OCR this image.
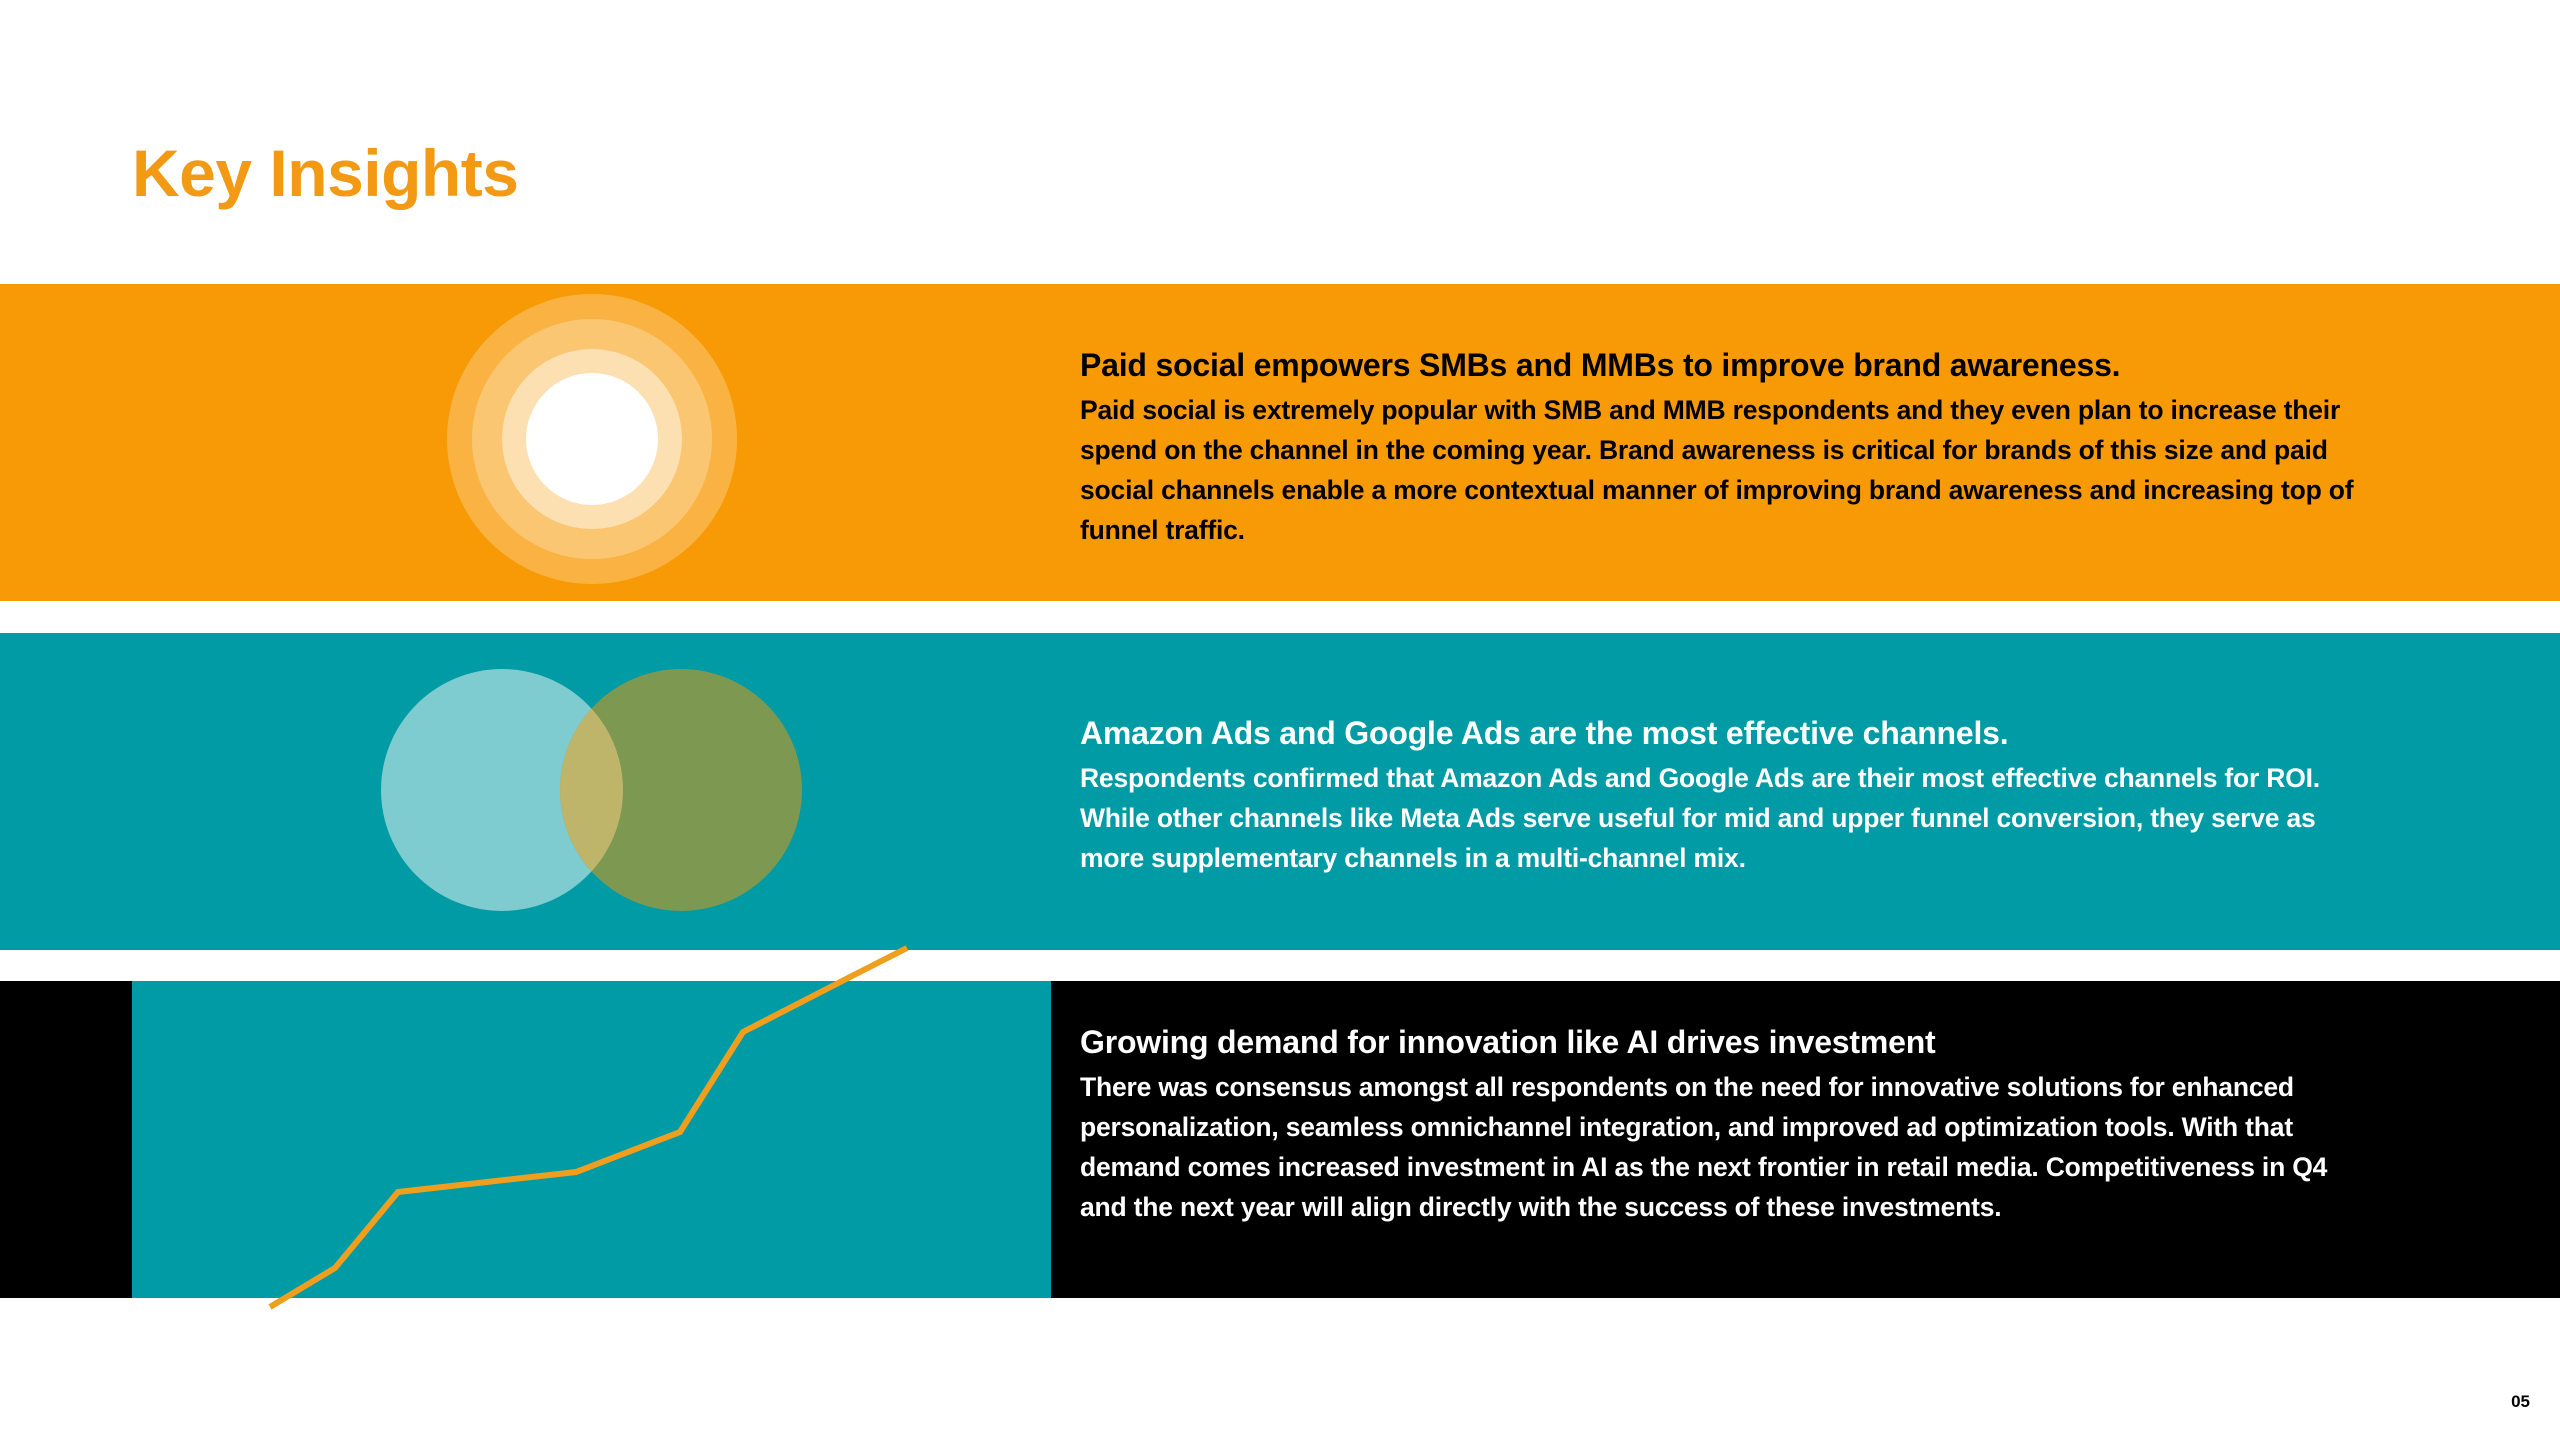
Key Insights
Paid social empowers SMBs and MMBs to improve brand awareness.

Paid social is extremely popular with SMB and MMB respondents and they even plan to increase their spend on the channel in the coming year. Brand awareness is critical for brands of this size and paid social channels enable a more contextual manner of improving brand awareness and increasing top of funnel traffic.

Amazon Ads and Google Ads are the most effective channels.

Respondents confirmed that Amazon Ads and Google Ads are their most effective channels for ROI. While other channels like Meta Ads serve useful for mid and upper funnel conversion, they serve as more supplementary channels in a multi-channel mix.

Growing demand for innovation like AI drives investment

There was consensus amongst all respondents on the need for innovative solutions for enhanced personalization, seamless omnichannel integration, and improved ad optimization tools. With that demand comes increased investment in AI as the next frontier in retail media. Competitiveness in Q4 and the next year will align directly with the success of these investments.

05
